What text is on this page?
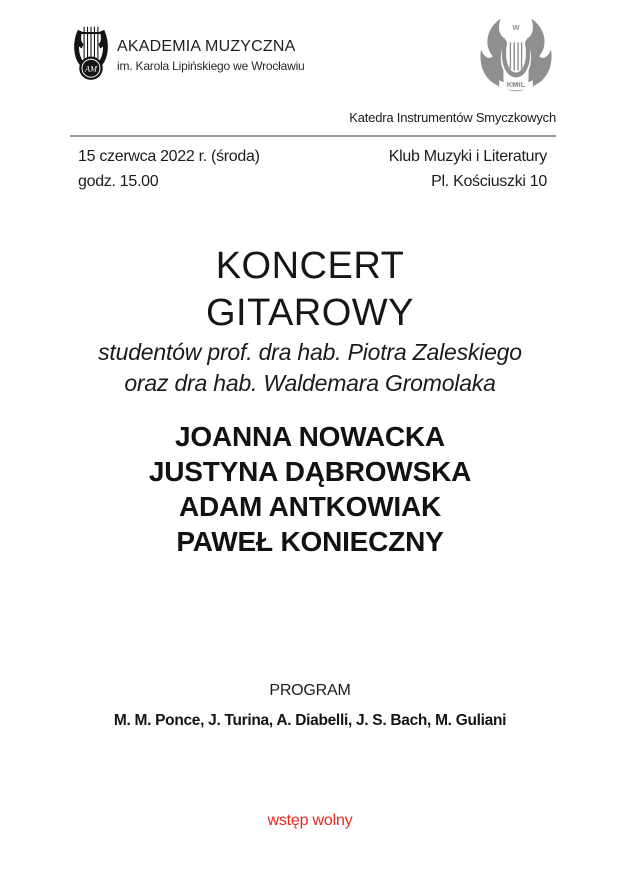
AM
AKADEMIA MUZYCZNA
im. Karola Lipińskiego we Wrocławiu
W
KMiL
Katedra Instrumentów Smyczkowych
15 czerwca 2022 r. (środa)
godz. 15.00
Klub Muzyki i Literatury
Pl. Kościuszki 10
KONCERT
GITAROWY
studentów prof. dra hab. Piotra Zaleskiego
oraz dra hab. Waldemara Gromolaka
JOANNA NOWACKA
JUSTYNA DĄBROWSKA
ADAM ANTKOWIAK
PAWEŁ KONIECZNY
PROGRAM
M. M. Ponce, J. Turina, A. Diabelli, J. S. Bach, M. Guliani
wstęp wolny
